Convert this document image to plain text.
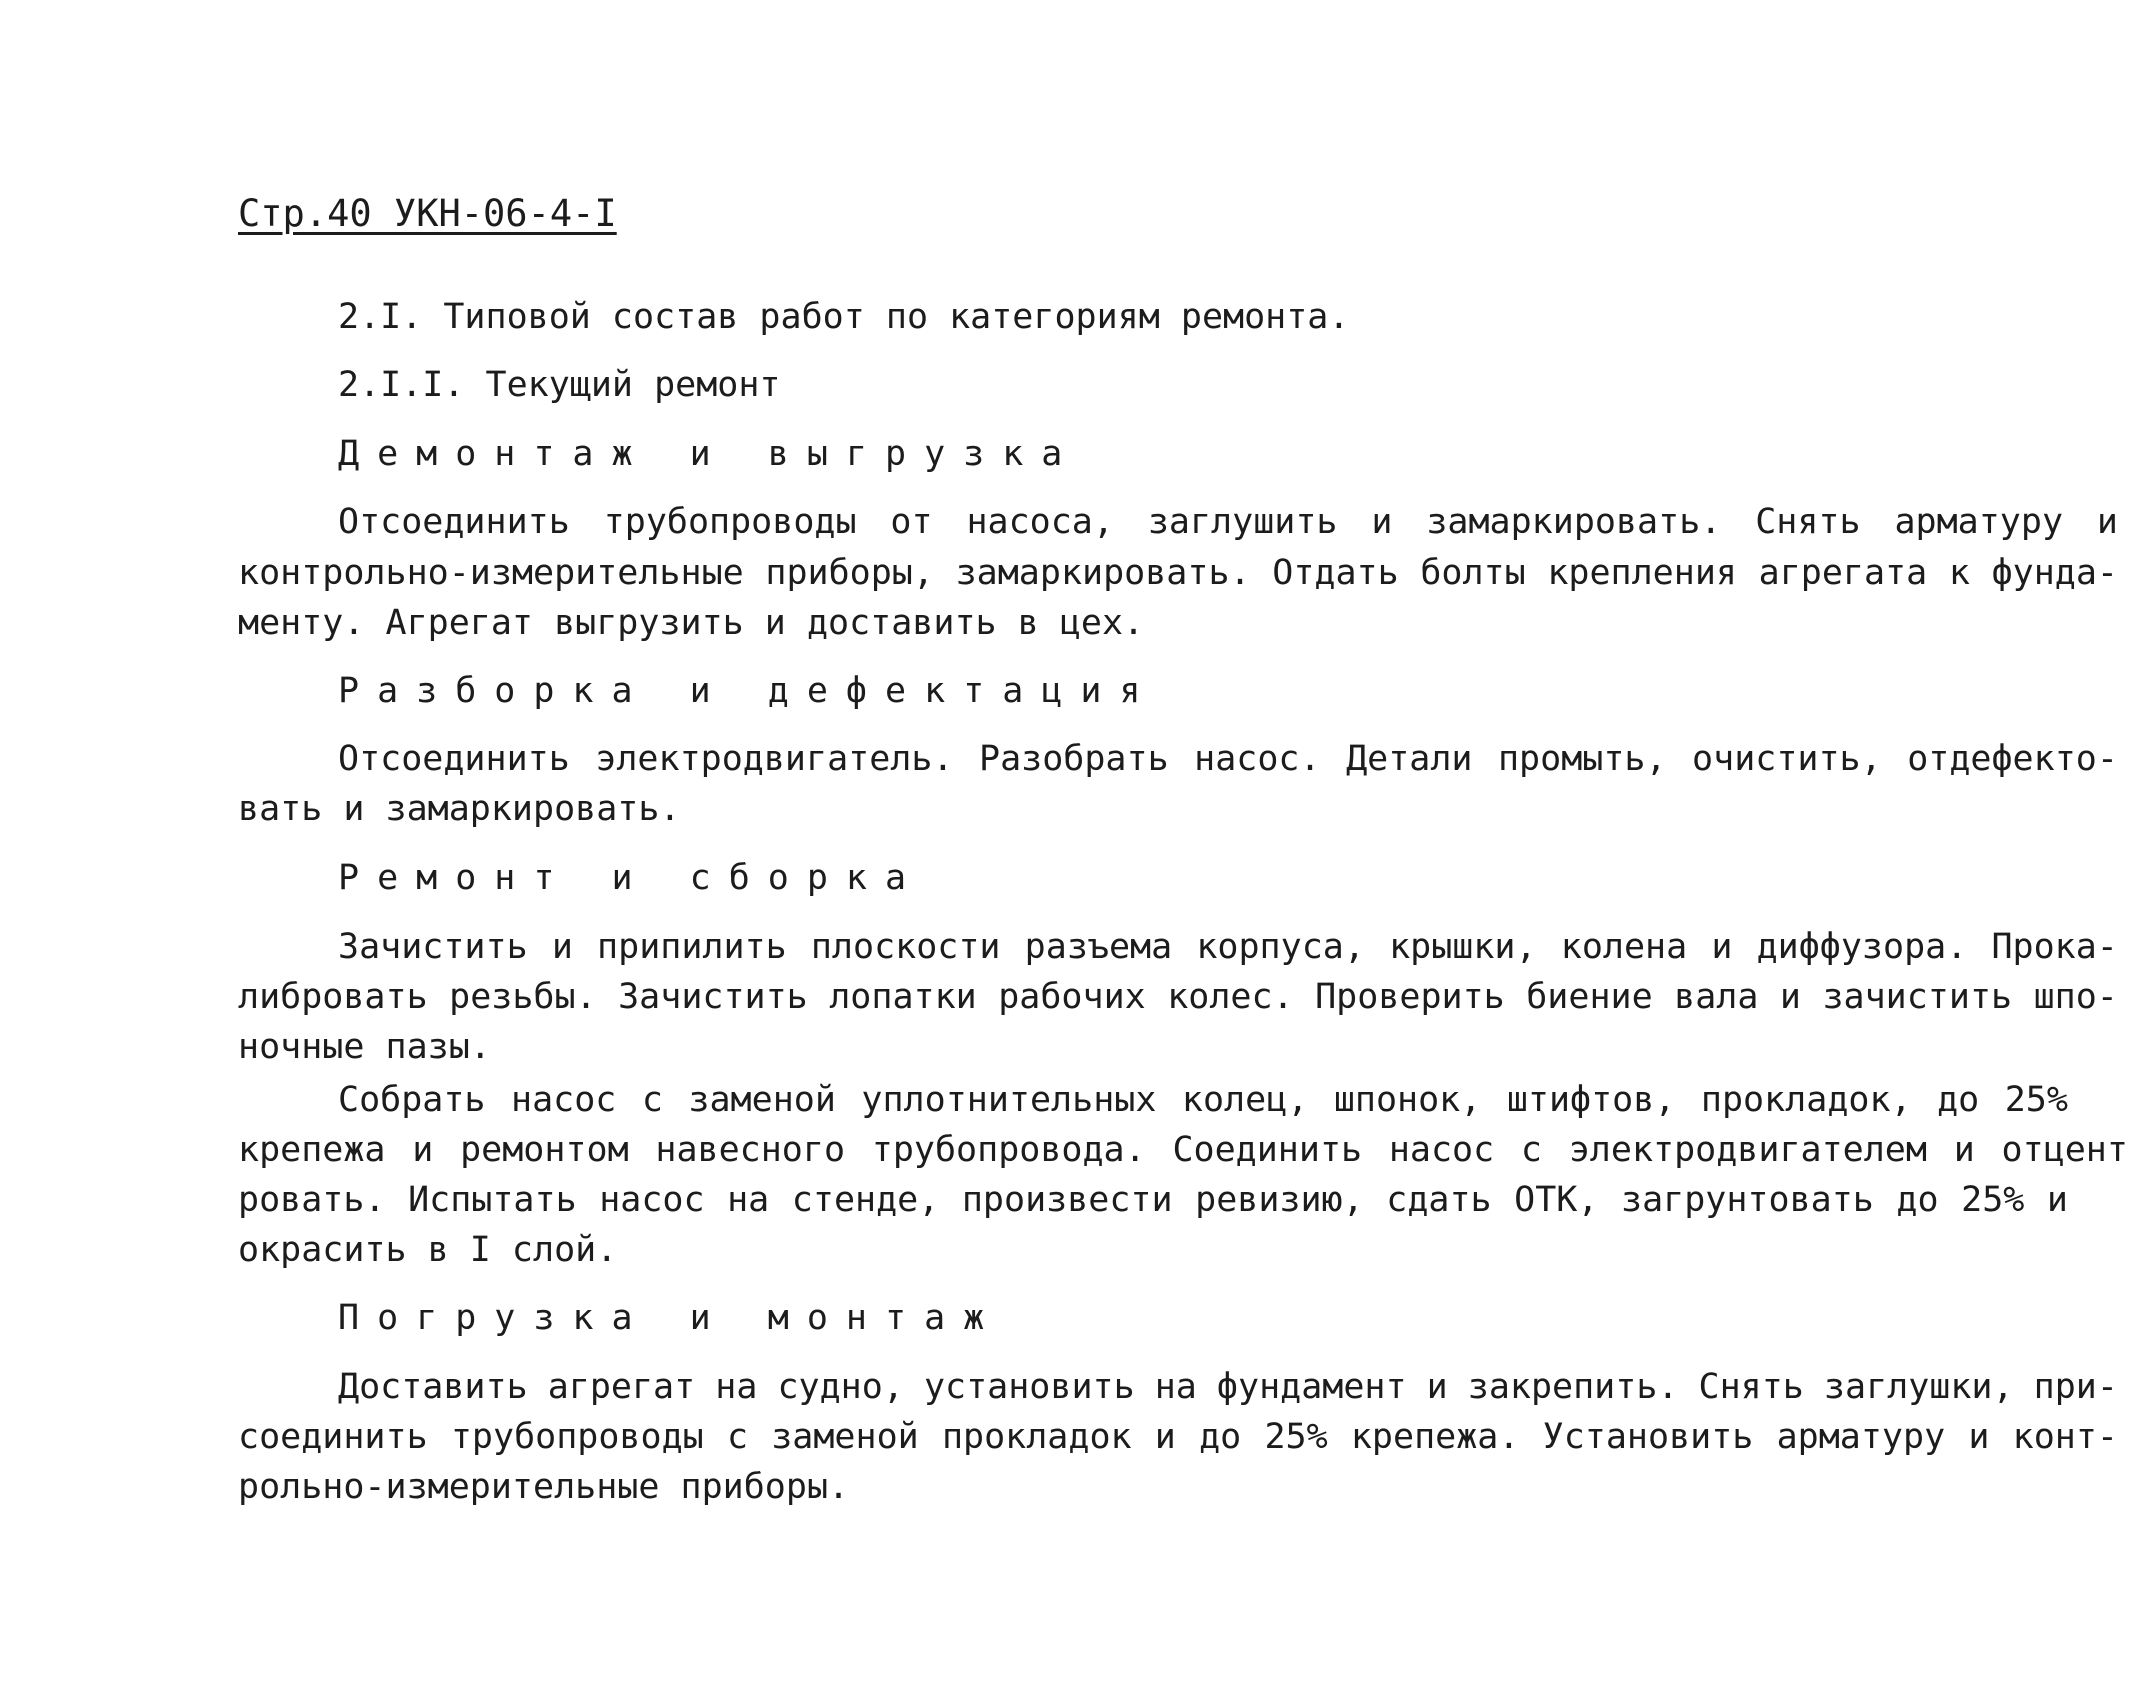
Стр.40 УКН-06-4-I
2.I. Типовой состав работ по категориям ремонта.
2.I.I. Текущий ремонт
Демонтаж и выгрузка
Отсоединить трубопроводы от насоса, заглушить и замаркировать. Снять арматуру и
контрольно-измерительные приборы, замаркировать. Отдать болты крепления агрегата к фунда-
менту. Агрегат выгрузить и доставить в цех.
Разборка и дефектация
Отсоединить электродвигатель. Разобрать насос. Детали промыть, очистить, отдефекто-
вать и замаркировать.
Ремонт и сборка
Зачистить и припилить плоскости разъема корпуса, крышки, колена и диффузора. Прока-
либровать резьбы. Зачистить лопатки рабочих колес. Проверить биение вала и зачистить шпо-
ночные пазы.
Собрать насос с заменой уплотнительных колец, шпонок, штифтов, прокладок, до 25%
крепежа и ремонтом навесного трубопровода. Соединить насос с электродвигателем и отцент
ровать. Испытать насос на стенде, произвести ревизию, сдать ОТК, загрунтовать до 25% и
окрасить в I слой.
Погрузка и монтаж
Доставить агрегат на судно, установить на фундамент и закрепить. Снять заглушки, при-
соединить трубопроводы с заменой прокладок и до 25% крепежа. Установить арматуру и конт-
рольно-измерительные приборы.
